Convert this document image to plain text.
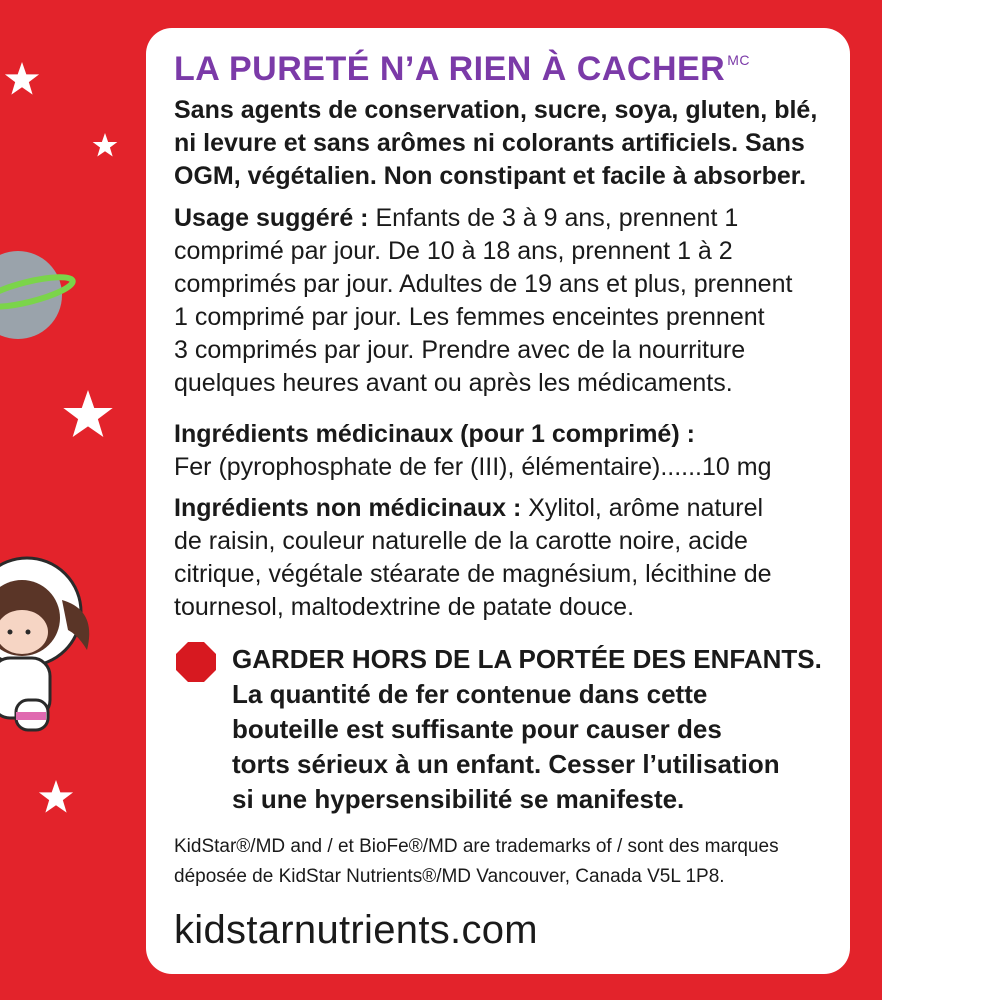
LA PURETÉ N’A RIEN À CACHER $^{MC}$

Sans agents de conservation, sucre, soya, gluten, blé,

ni levure et sans arômes ni colorants artificiels. Sans

OGM, végétalien. Non constipant et facile à absorber.

Usage suggéré : Enfants de 3 à 9 ans, prennent 1

comprimé par jour. De 10 à 18 ans, prennent 1 à 2

comprimés par jour. Adultes de 19 ans et plus, prennent

1 comprimé par jour. Les femmes enceintes prennent

3 comprimés par jour. Prendre avec de la nourriture

quelques heures avant ou après les médicaments.

Ingrédients médicinaux (pour 1 comprimé) :

Fer (pyrophosphate de fer (III), élémentaire)......10 mg

Ingrédients non médicinaux : Xylitol, arôme naturel

de raisin, couleur naturelle de la carotte noire, acide

citrique, végétale stéarate de magnésium, lécithine de

tournesol, maltodextrine de patate douce.

GARDER HORS DE LA PORTÉE DES ENFANTS.

La quantité de fer contenue dans cette

bouteille est suffisante pour causer des

torts sérieux à un enfant. Cesser l’utilisation

si une hypersensibilité se manifeste.

KidStar®/MD and / et BioFe®/MD are trademarks of / sont des marques

déposée de KidStar Nutrients®/MD Vancouver, Canada V5L 1P8.

kidstarnutrients.com
